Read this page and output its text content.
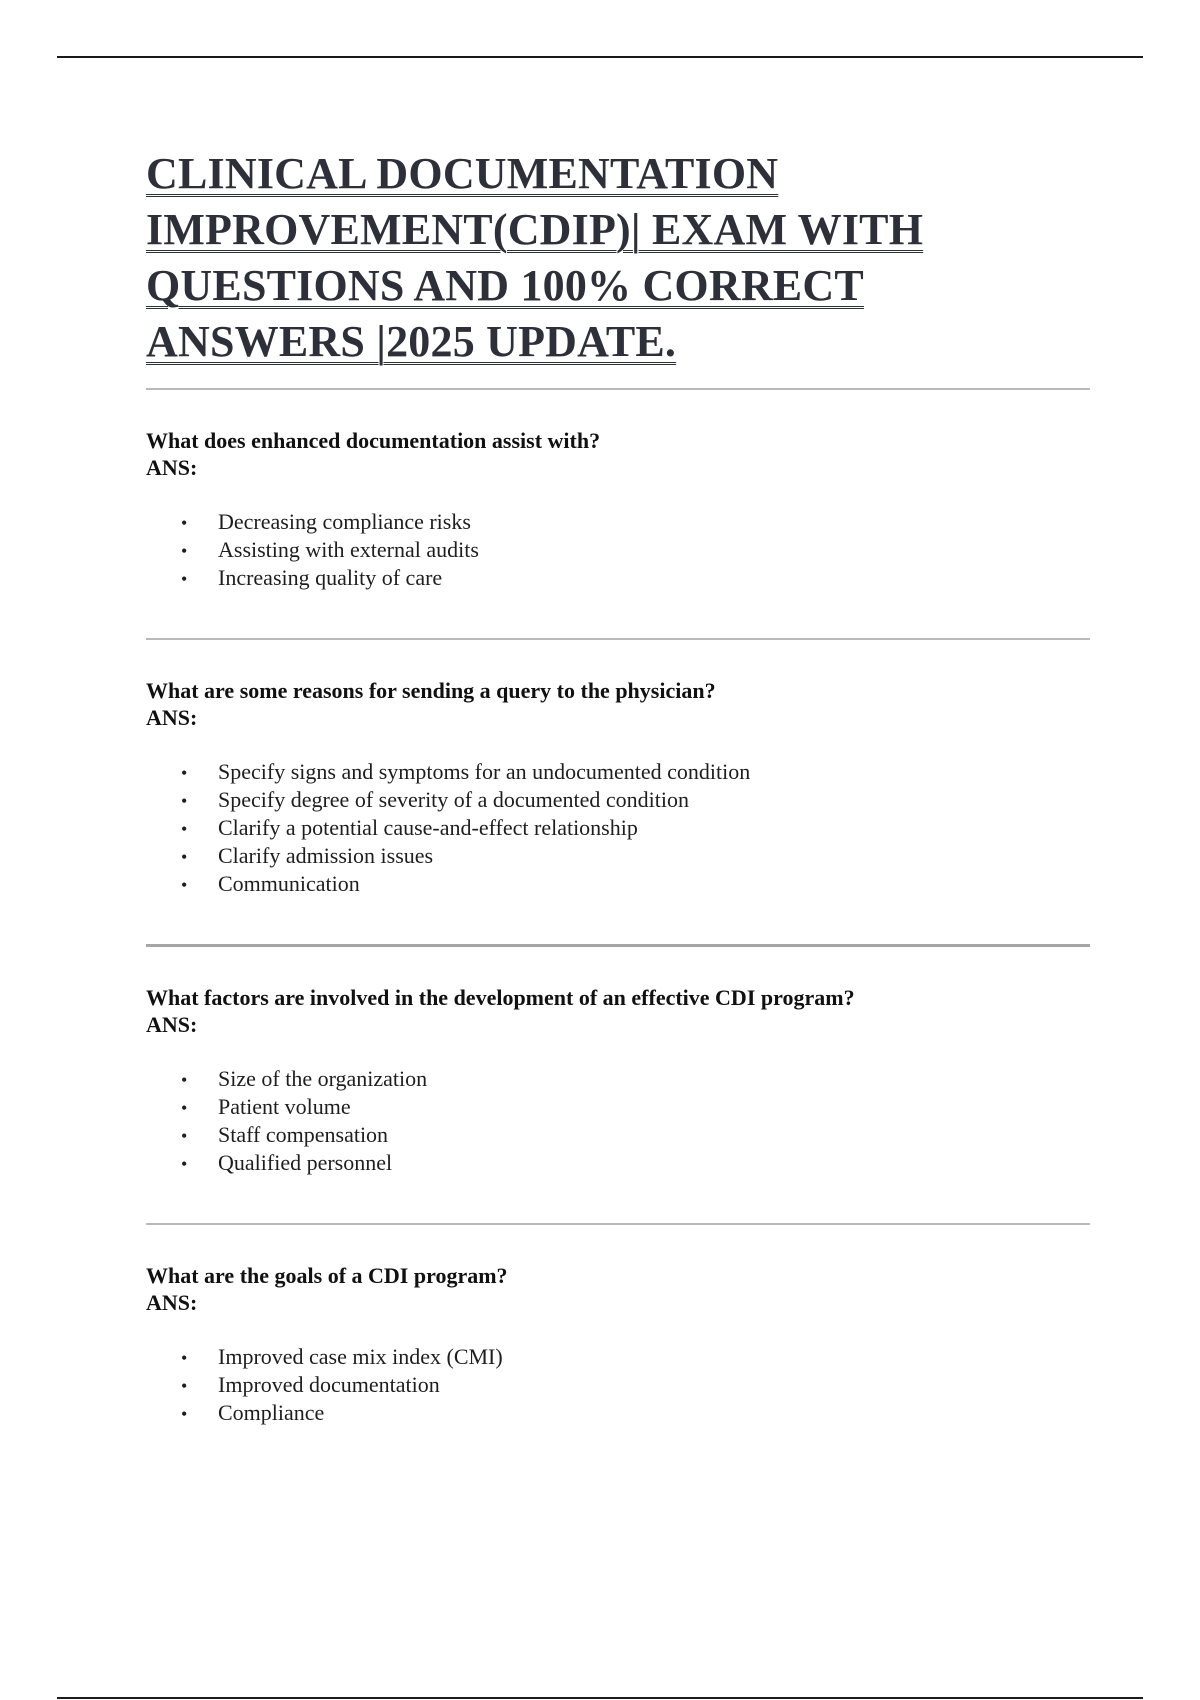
CLINICAL DOCUMENTATION IMPROVEMENT(CDIP)| EXAM WITH QUESTIONS AND 100% CORRECT ANSWERS |2025 UPDATE.

What does enhanced documentation assist with?

ANS:

• Decreasing compliance risks
• Assisting with external audits
• Increasing quality of care

What are some reasons for sending a query to the physician?

ANS:

• Specify signs and symptoms for an undocumented condition
• Specify degree of severity of a documented condition
• Clarify a potential cause-and-effect relationship
• Clarify admission issues
• Communication

What factors are involved in the development of an effective CDI program?

ANS:

• Size of the organization
• Patient volume
• Staff compensation
• Qualified personnel

What are the goals of a CDI program?

ANS:

• Improved case mix index (CMI)
• Improved documentation
• Compliance
